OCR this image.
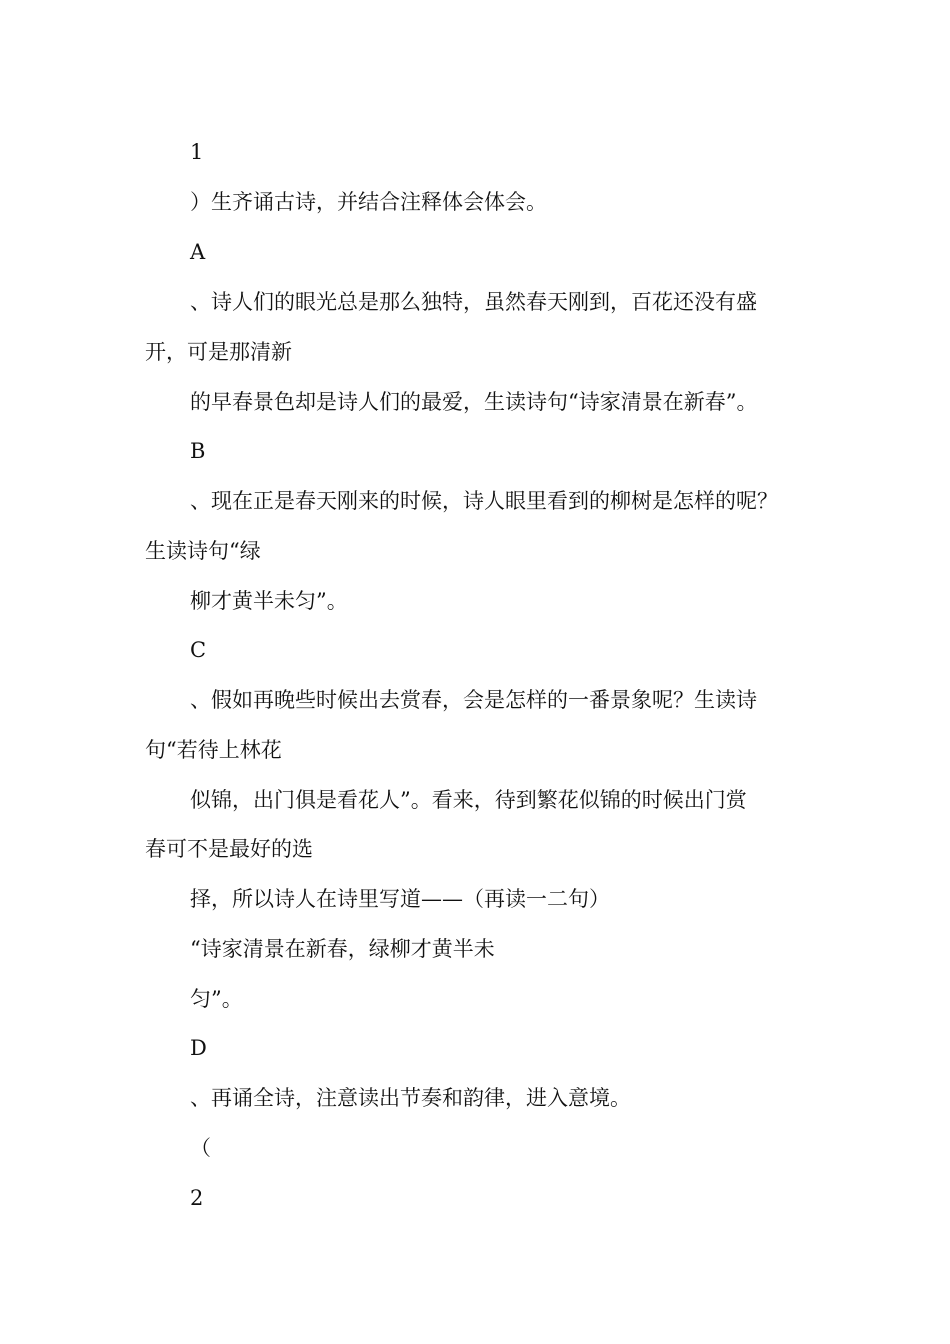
1

）生齐诵古诗，并结合注释体会体会。

A

、诗人们的眼光总是那么独特，虽然春天刚到，百花还没有盛

开，可是那清新

的早春景色却是诗人们的最爱，生读诗句“诗家清景在新春”。

B

、现在正是春天刚来的时候，诗人眼里看到的柳树是怎样的呢？

生读诗句“绿

柳才黄半未匀”。

C

、假如再晚些时候出去赏春，会是怎样的一番景象呢？生读诗

句“若待上林花

似锦，出门俱是看花人”。看来，待到繁花似锦的时候出门赏

春可不是最好的选

择，所以诗人在诗里写道——（再读一二句）

“诗家清景在新春，绿柳才黄半未

匀”。

D

、再诵全诗，注意读出节奏和韵律，进入意境。

（

2
